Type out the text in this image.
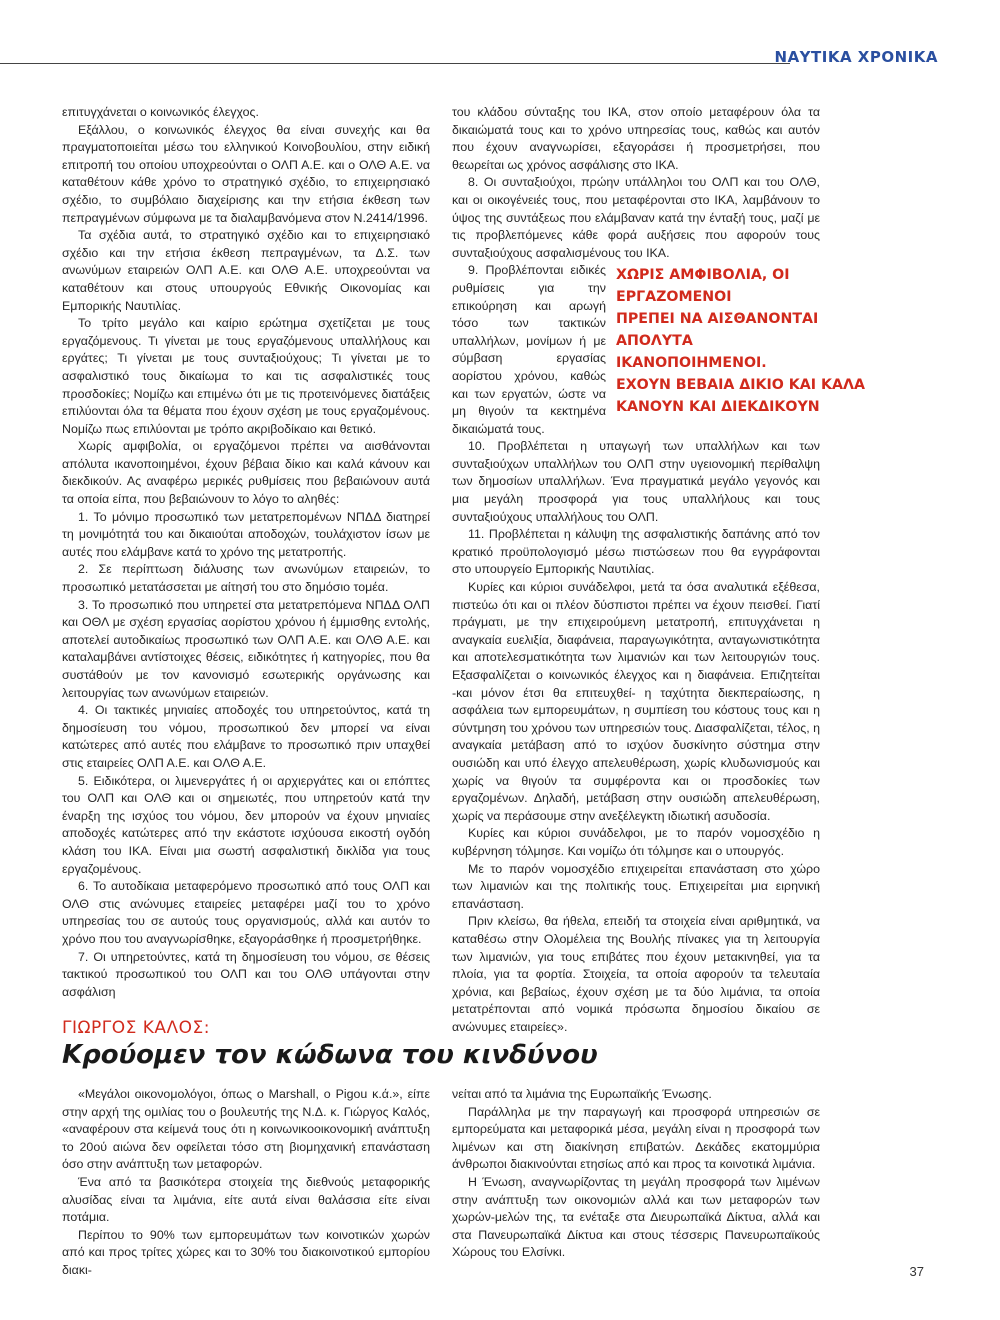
ΝΑΥΤΙΚΑ ΧΡΟΝΙΚΑ

επιτυγχάνεται ο κοινωνικός έλεγχος.

Εξάλλου, ο κοινωνικός έλεγχος θα είναι συνεχής και θα πραγματοποιείται μέσω του ελληνικού Κοινοβουλίου, στην ειδική επιτροπή του οποίου υποχρεούνται ο ΟΛΠ Α.Ε. και ο ΟΛΘ Α.Ε. να καταθέτουν κάθε χρόνο το στρατηγικό σχέδιο, το επιχειρησιακό σχέδιο, το συμβόλαιο διαχείρισης και την ετήσια έκθεση των πεπραγμένων σύμφωνα με τα διαλαμβανόμενα στον Ν.2414/1996.

Τα σχέδια αυτά, το στρατηγικό σχέδιο και το επιχειρησιακό σχέδιο και την ετήσια έκθεση πεπραγμένων, τα Δ.Σ. των ανωνύμων εταιρειών ΟΛΠ Α.Ε. και ΟΛΘ Α.Ε. υποχρεούνται να καταθέτουν και στους υπουργούς Εθνικής Οικονομίας και Εμπορικής Ναυτιλίας.

Το τρίτο μεγάλο και καίριο ερώτημα σχετίζεται με τους εργαζόμενους. Τι γίνεται με τους εργαζόμενους υπαλλήλους και εργάτες; Τι γίνεται με τους συνταξιούχους; Τι γίνεται με το ασφαλιστικό τους δικαίωμα το και τις ασφαλιστικές τους προσδοκίες; Νομίζω και επιμένω ότι με τις προτεινόμενες διατάξεις επιλύονται όλα τα θέματα που έχουν σχέση με τους εργαζομένους. Νομίζω πως επιλύονται με τρόπο ακριβοδίκαιο και θετικό.

Χωρίς αμφιβολία, οι εργαζόμενοι πρέπει να αισθάνονται απόλυτα ικανοποιημένοι, έχουν βέβαια δίκιο και καλά κάνουν και διεκδικούν. Ας αναφέρω μερικές ρυθμίσεις που βεβαιώνουν αυτά τα οποία είπα, που βεβαιώνουν το λόγο το αληθές:

1. Το μόνιμο προσωπικό των μετατρεπομένων ΝΠΔΔ διατηρεί τη μονιμότητά του και δικαιούται αποδοχών, τουλάχιστον ίσων με αυτές που ελάμβανε κατά το χρόνο της μετατροπής.

2. Σε περίπτωση διάλυσης των ανωνύμων εταιρειών, το προσωπικό μετατάσσεται με αίτησή του στο δημόσιο τομέα.

3. Το προσωπικό που υπηρετεί στα μετατρεπόμενα ΝΠΔΔ ΟΛΠ και ΟΘΛ με σχέση εργασίας αορίστου χρόνου ή έμμισθης εντολής, αποτελεί αυτοδικαίως προσωπικό των ΟΛΠ Α.Ε. και ΟΛΘ Α.Ε. και καταλαμβάνει αντίστοιχες θέσεις, ειδικότητες ή κατηγορίες, που θα συστάθούν με τον κανονισμό εσωτερικής οργάνωσης και λειτουργίας των ανωνύμων εταιρειών.

4. Οι τακτικές μηνιαίες αποδοχές του υπηρετούντος, κατά τη δημοσίευση του νόμου, προσωπικού δεν μπορεί να είναι κατώτερες από αυτές που ελάμβανε το προσωπικό πριν υπαχθεί στις εταιρείες ΟΛΠ Α.Ε. και ΟΛΘ Α.Ε.

5. Ειδικότερα, οι λιμενεργάτες ή οι αρχιεργάτες και οι επόπτες του ΟΛΠ και ΟΛΘ και οι σημειωτές, που υπηρετούν κατά την έναρξη της ισχύος του νόμου, δεν μπορούν να έχουν μηνιαίες αποδοχές κατώτερες από την εκάστοτε ισχύουσα εικοστή ογδόη κλάση του ΙΚΑ. Είναι μια σωστή ασφαλιστική δικλίδα για τους εργαζομένους.

6. Το αυτοδίκαια μεταφερόμενο προσωπικό από τους ΟΛΠ και ΟΛΘ στις ανώνυμες εταιρείες μεταφέρει μαζί του το χρόνο υπηρεσίας του σε αυτούς τους οργανισμούς, αλλά και αυτόν το χρόνο που του αναγνωρίσθηκε, εξαγοράσθηκε ή προσμετρήθηκε.

7. Οι υπηρετούντες, κατά τη δημοσίευση του νόμου, σε θέσεις τακτικού προσωπικού του ΟΛΠ και του ΟΛΘ υπάγονται στην ασφάλιση

του κλάδου σύνταξης του ΙΚΑ, στον οποίο μεταφέρουν όλα τα δικαιώματά τους και το χρόνο υπηρεσίας τους, καθώς και αυτόν που έχουν αναγνωρίσει, εξαγοράσει ή προσμετρήσει, που θεωρείται ως χρόνος ασφάλισης στο ΙΚΑ.

8. Οι συνταξιούχοι, πρώην υπάλληλοι του ΟΛΠ και του ΟΛΘ, και οι οικογένειές τους, που μεταφέρονται στο ΙΚΑ, λαμβάνουν το ύψος της συντάξεως που ελάμβαναν κατά την ένταξή τους, μαζί με τις προβλεπόμενες κάθε φορά αυξήσεις που αφορούν τους συνταξιούχους ασφαλισμένους του ΙΚΑ.

ΧΩΡΙΣ ΑΜΦΙΒΟΛΙΑ, ΟΙ ΕΡΓΑΖΟΜΕΝΟΙ
ΠΡΕΠΕΙ ΝΑ ΑΙΣΘΑΝΟΝΤΑΙ ΑΠΟΛΥΤΑ
ΙΚΑΝΟΠΟΙΗΜΕΝΟΙ.
ΕΧΟΥΝ ΒΕΒΑΙΑ ΔΙΚΙΟ ΚΑΙ ΚΑΛΑ
ΚΑΝΟΥΝ ΚΑΙ ΔΙΕΚΔΙΚΟΥΝ

9. Προβλέπονται ειδικές ρυθμίσεις για την επικούρηση και αρωγή τόσο των τακτικών υπαλλήλων, μονίμων ή με σύμβαση εργασίας αορίστου χρόνου, καθώς και των εργατών, ώστε να μη θιγούν τα κεκτημένα δικαιώματά τους.

10. Προβλέπεται η υπαγωγή των υπαλλήλων και των συνταξιούχων υπαλλήλων του ΟΛΠ στην υγειονομική περίθαλψη των δημοσίων υπαλλήλων. Ένα πραγματικά μεγάλο γεγονός και μια μεγάλη προσφορά για τους υπαλλήλους και τους συνταξιούχους υπαλλήλους του ΟΛΠ.

11. Προβλέπεται η κάλυψη της ασφαλιστικής δαπάνης από τον κρατικό προϋπολογισμό μέσω πιστώσεων που θα εγγράφονται στο υπουργείο Εμπορικής Ναυτιλίας.

Κυρίες και κύριοι συνάδελφοι, μετά τα όσα αναλυτικά εξέθεσα, πιστεύω ότι και οι πλέον δύσπιστοι πρέπει να έχουν πεισθεί. Γιατί πράγματι, με την επιχειρούμενη μετατροπή, επιτυγχάνεται η αναγκαία ευελιξία, διαφάνεια, παραγωγικότητα, ανταγωνιστικότητα και αποτελεσματικότητα των λιμανιών και των λειτουργιών τους. Εξασφαλίζεται ο κοινωνικός έλεγχος και η διαφάνεια. Επιζητείται -και μόνον έτσι θα επιτευχθεί- η ταχύτητα διεκπεραίωσης, η ασφάλεια των εμπορευμάτων, η συμπίεση του κόστους τους και η σύντμηση του χρόνου των υπηρεσιών τους. Διασφαλίζεται, τέλος, η αναγκαία μετάβαση από το ισχύον δυσκίνητο σύστημα στην ουσιώδη και υπό έλεγχο απελευθέρωση, χωρίς κλυδωνισμούς και χωρίς να θιγούν τα συμφέροντα και οι προσδοκίες των εργαζομένων. Δηλαδή, μετάβαση στην ουσιώδη απελευθέρωση, χωρίς να περάσουμε στην ανεξέλεγκτη ιδιωτική ασυδοσία.

Κυρίες και κύριοι συνάδελφοι, με το παρόν νομοσχέδιο η κυβέρνηση τόλμησε. Και νομίζω ότι τόλμησε και ο υπουργός.

Με το παρόν νομοσχέδιο επιχειρείται επανάσταση στο χώρο των λιμανιών και της πολιτικής τους. Επιχειρείται μια ειρηνική επανάσταση.

Πριν κλείσω, θα ήθελα, επειδή τα στοιχεία είναι αριθμητικά, να καταθέσω στην Ολομέλεια της Βουλής πίνακες για τη λειτουργία των λιμανιών, για τους επιβάτες που έχουν μετακινηθεί, για τα πλοία, για τα φορτία. Στοιχεία, τα οποία αφορούν τα τελευταία χρόνια, και βεβαίως, έχουν σχέση με τα δύο λιμάνια, τα οποία μετατρέπονται από νομικά πρόσωπα δημοσίου δικαίου σε ανώνυμες εταιρείες».

ΓΙΩΡΓΟΣ ΚΑΛΟΣ:
Κρούομεν τον κώδωνα του κινδύνου

«Μεγάλοι οικονομολόγοι, όπως ο Marshall, ο Pigou κ.ά.», είπε στην αρχή της ομιλίας του ο βουλευτής της Ν.Δ. κ. Γιώργος Καλός, «αναφέρουν στα κείμενά τους ότι η κοινωνικοοικονομική ανάπτυξη το 20ού αιώνα δεν οφείλεται τόσο στη βιομηχανική επανάσταση όσο στην ανάπτυξη των μεταφορών.

Ένα από τα βασικότερα στοιχεία της διεθνούς μεταφορικής αλυσίδας είναι τα λιμάνια, είτε αυτά είναι θαλάσσια είτε είναι ποτάμια.

Περίπου το 90% των εμπορευμάτων των κοινοτικών χωρών από και προς τρίτες χώρες και το 30% του διακοινοτικού εμπορίου διακι-

νείται από τα λιμάνια της Ευρωπαϊκής Ένωσης.

Παράλληλα με την παραγωγή και προσφορά υπηρεσιών σε εμπορεύματα και μεταφορικά μέσα, μεγάλη είναι η προσφορά των λιμένων και στη διακίνηση επιβατών. Δεκάδες εκατομμύρια άνθρωποι διακινούνται ετησίως από και προς τα κοινοτικά λιμάνια.

Η Ένωση, αναγνωρίζοντας τη μεγάλη προσφορά των λιμένων στην ανάπτυξη των οικονομιών αλλά και των μεταφορών των χωρών-μελών της, τα ενέταξε στα Διευρωπαϊκά Δίκτυα, αλλά και στα Πανευρωπαϊκά Δίκτυα και στους τέσσερις Πανευρωπαϊκούς Χώρους του Ελσίνκι.

37
